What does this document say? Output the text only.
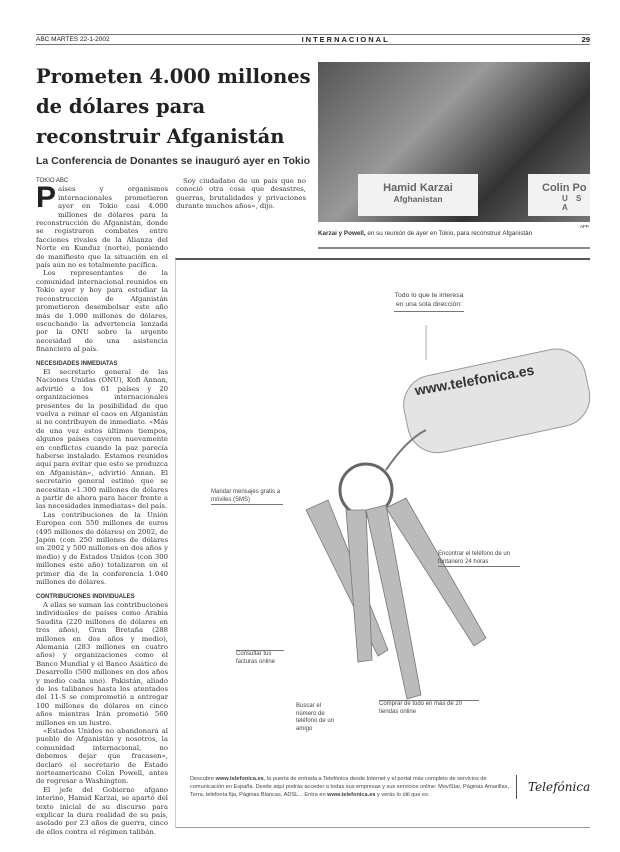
ABC MARTES 22-1-2002	INTERNACIONAL	29
Prometen 4.000 millones de dólares para reconstruir Afganistán
La Conferencia de Donantes se inauguró ayer en Tokio
TOKIO ABC
P aíses y organismos internacionales prometieron ayer en Tokio casi 4.000 millones de dólares para la reconstrucción de Afganistán, donde se registraron combates entre facciones rivales de la Alianza del Norte en Kunduz (norte), poniendo de manifiesto que la situación en el país aún no es totalmente pacífica.

Los representantes de la comunidad internacional reunidos en Tokio ayer y hoy para estudiar la reconstrucción de Afganistán prometieron desembolsar este año más de 1.000 millones de dólares, escuchando la advertencia lanzada por la ONU sobre la urgente necesidad de una asistencia financiera al país.

NECESIDADES INMEDIATAS

El secretario general de las Naciones Unidas (ONU), Kofi Annan, advirtió a los 61 países y 20 organizaciones internacionales presentes de la posibilidad de que vuelva a reinar el caos en Afganistán si no contribuyen de inmediato. «Más de una vez estos últimos tiempos, algunos países cayeron nuevamente en conflictos cuando la paz parecía haberse instalado. Estamos reunidos aquí para evitar que esto se produzca en Afganistán», advirtió Annan. El secretario general estimó que se necesitan «1.300 millones de dólares a partir de ahora para hacer frente a las necesidades inmediatas» del país.

Las contribuciones de la Unión Europea con 550 millones de euros (495 millones de dólares) en 2002, de Japón (con 250 millones de dólares en 2002 y 500 millones en dos años y medio) y de Estados Unidos (con 300 millones este año) totalizaron en el primer día de la conferencia 1.040 millones de dólares.

CONTRIBUCIONES INDIVIDUALES

A ellas se suman las contribuciones individuales de países como Arabia Saudita (220 millones de dólares en tres años), Gran Bretaña (288 millones en dos años y medio), Alemania (283 millones en cuatro años) y organizaciones como el Banco Mundial y el Banco Asiático de Desarrollo (500 millones en dos años y medio cada uno). Pakistán, aliado de los talibanes hasta los atentados del 11-S se comprometió a entregar 100 millones de dólares en cinco años mientras Irán prometió 560 millones en un lustro.

«Estados Unidos no abandonará al pueblo de Afganistán y nosotros, la comunidad internacional, no debemos dejar que fracasen», declaró el secretario de Estado norteamericano Colin Powell, antes de regresar a Washington.

El jefe del Gobierno afgano interino, Hamid Karzai, se apartó del texto inicial de su discurso para explicar la dura realidad de su país, asolado por 23 años de guerra, cinco de ellos contra el régimen talibán.

Soy ciudadano de un país que no conoció otra cosa que desastres, guerras, brutalidades y privaciones durante muchos años», dijo.

Hamid Karzai
Afghanistan
Colin Po
U S A
AFP
Karzai y Powell, en su reunión de ayer en Tokio, para reconstruir Afganistán
Todo lo que te interesa en una sola dirección:
www.telefonica.es
Mandar mensajes gratis a móviles (SMS)
Encontrar el teléfono de un fontanero 24 horas
Consultar tus facturas online
Buscar el número de teléfono de un amigo
Comprar de todo en más de 20 tiendas online
Descubre www.telefonica.es, la puerta de entrada a Telefónica desde Internet y el portal más completo de servicios de comunicación en España. Desde aquí podrás acceder a todas sus empresas y sus servicios online: MoviStar, Páginas Amarillas, Terra, telefonía fija, Páginas Blancas, ADSL... Entra en www.telefonica.es y verás lo útil que es.
Telefónica
